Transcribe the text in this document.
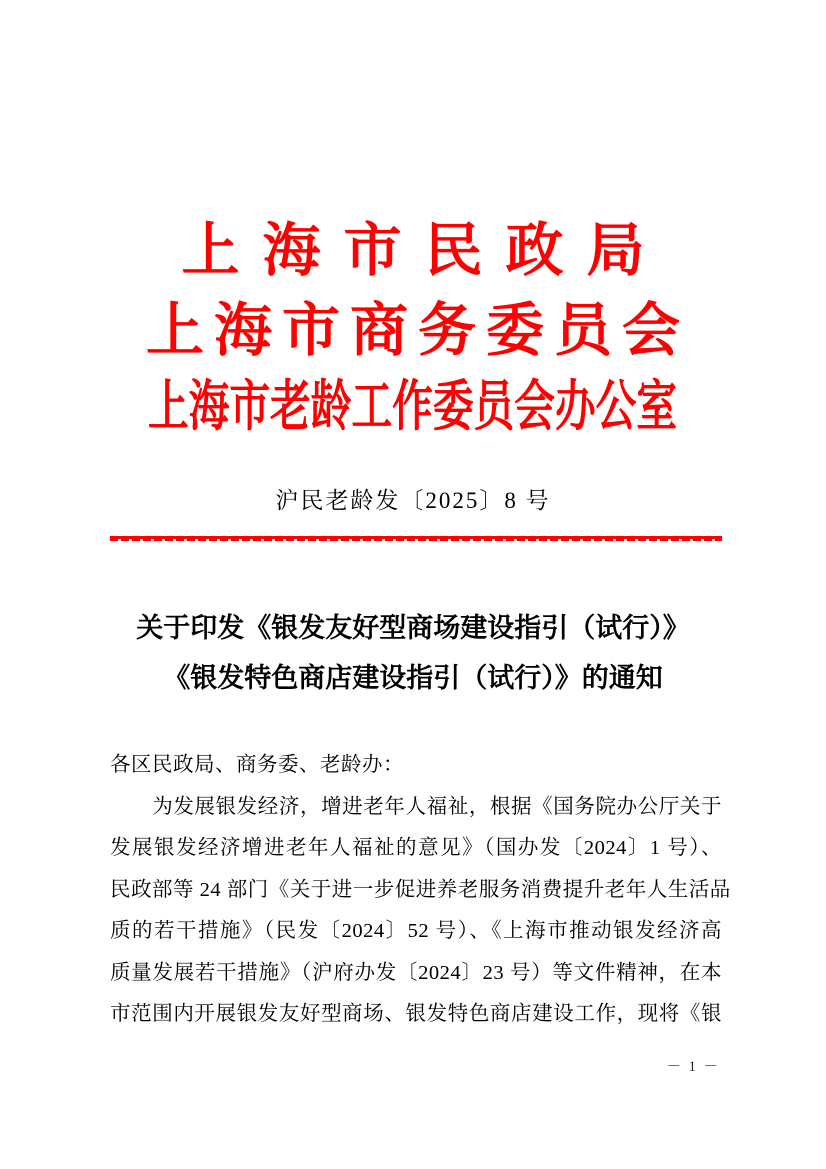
上海市民政局
上海市商务委员会
上海市老龄工作委员会办公室
沪民老龄发〔2025〕8 号
关于印发《银发友好型商场建设指引（试行）》
《银发特色商店建设指引（试行）》的通知
各区民政局、商务委、老龄办：
　　为发展银发经济，增进老年人福祉，根据《国务院办公厅关于
发展银发经济增进老年人福祉的意见》（国办发〔2024〕1 号）、
民政部等 24 部门《关于进一步促进养老服务消费提升老年人生活品
质的若干措施》（民发〔2024〕52 号）、《上海市推动银发经济高
质量发展若干措施》（沪府办发〔2024〕23 号）等文件精神，在本
市范围内开展银发友好型商场、银发特色商店建设工作，现将《银
－ 1 －
